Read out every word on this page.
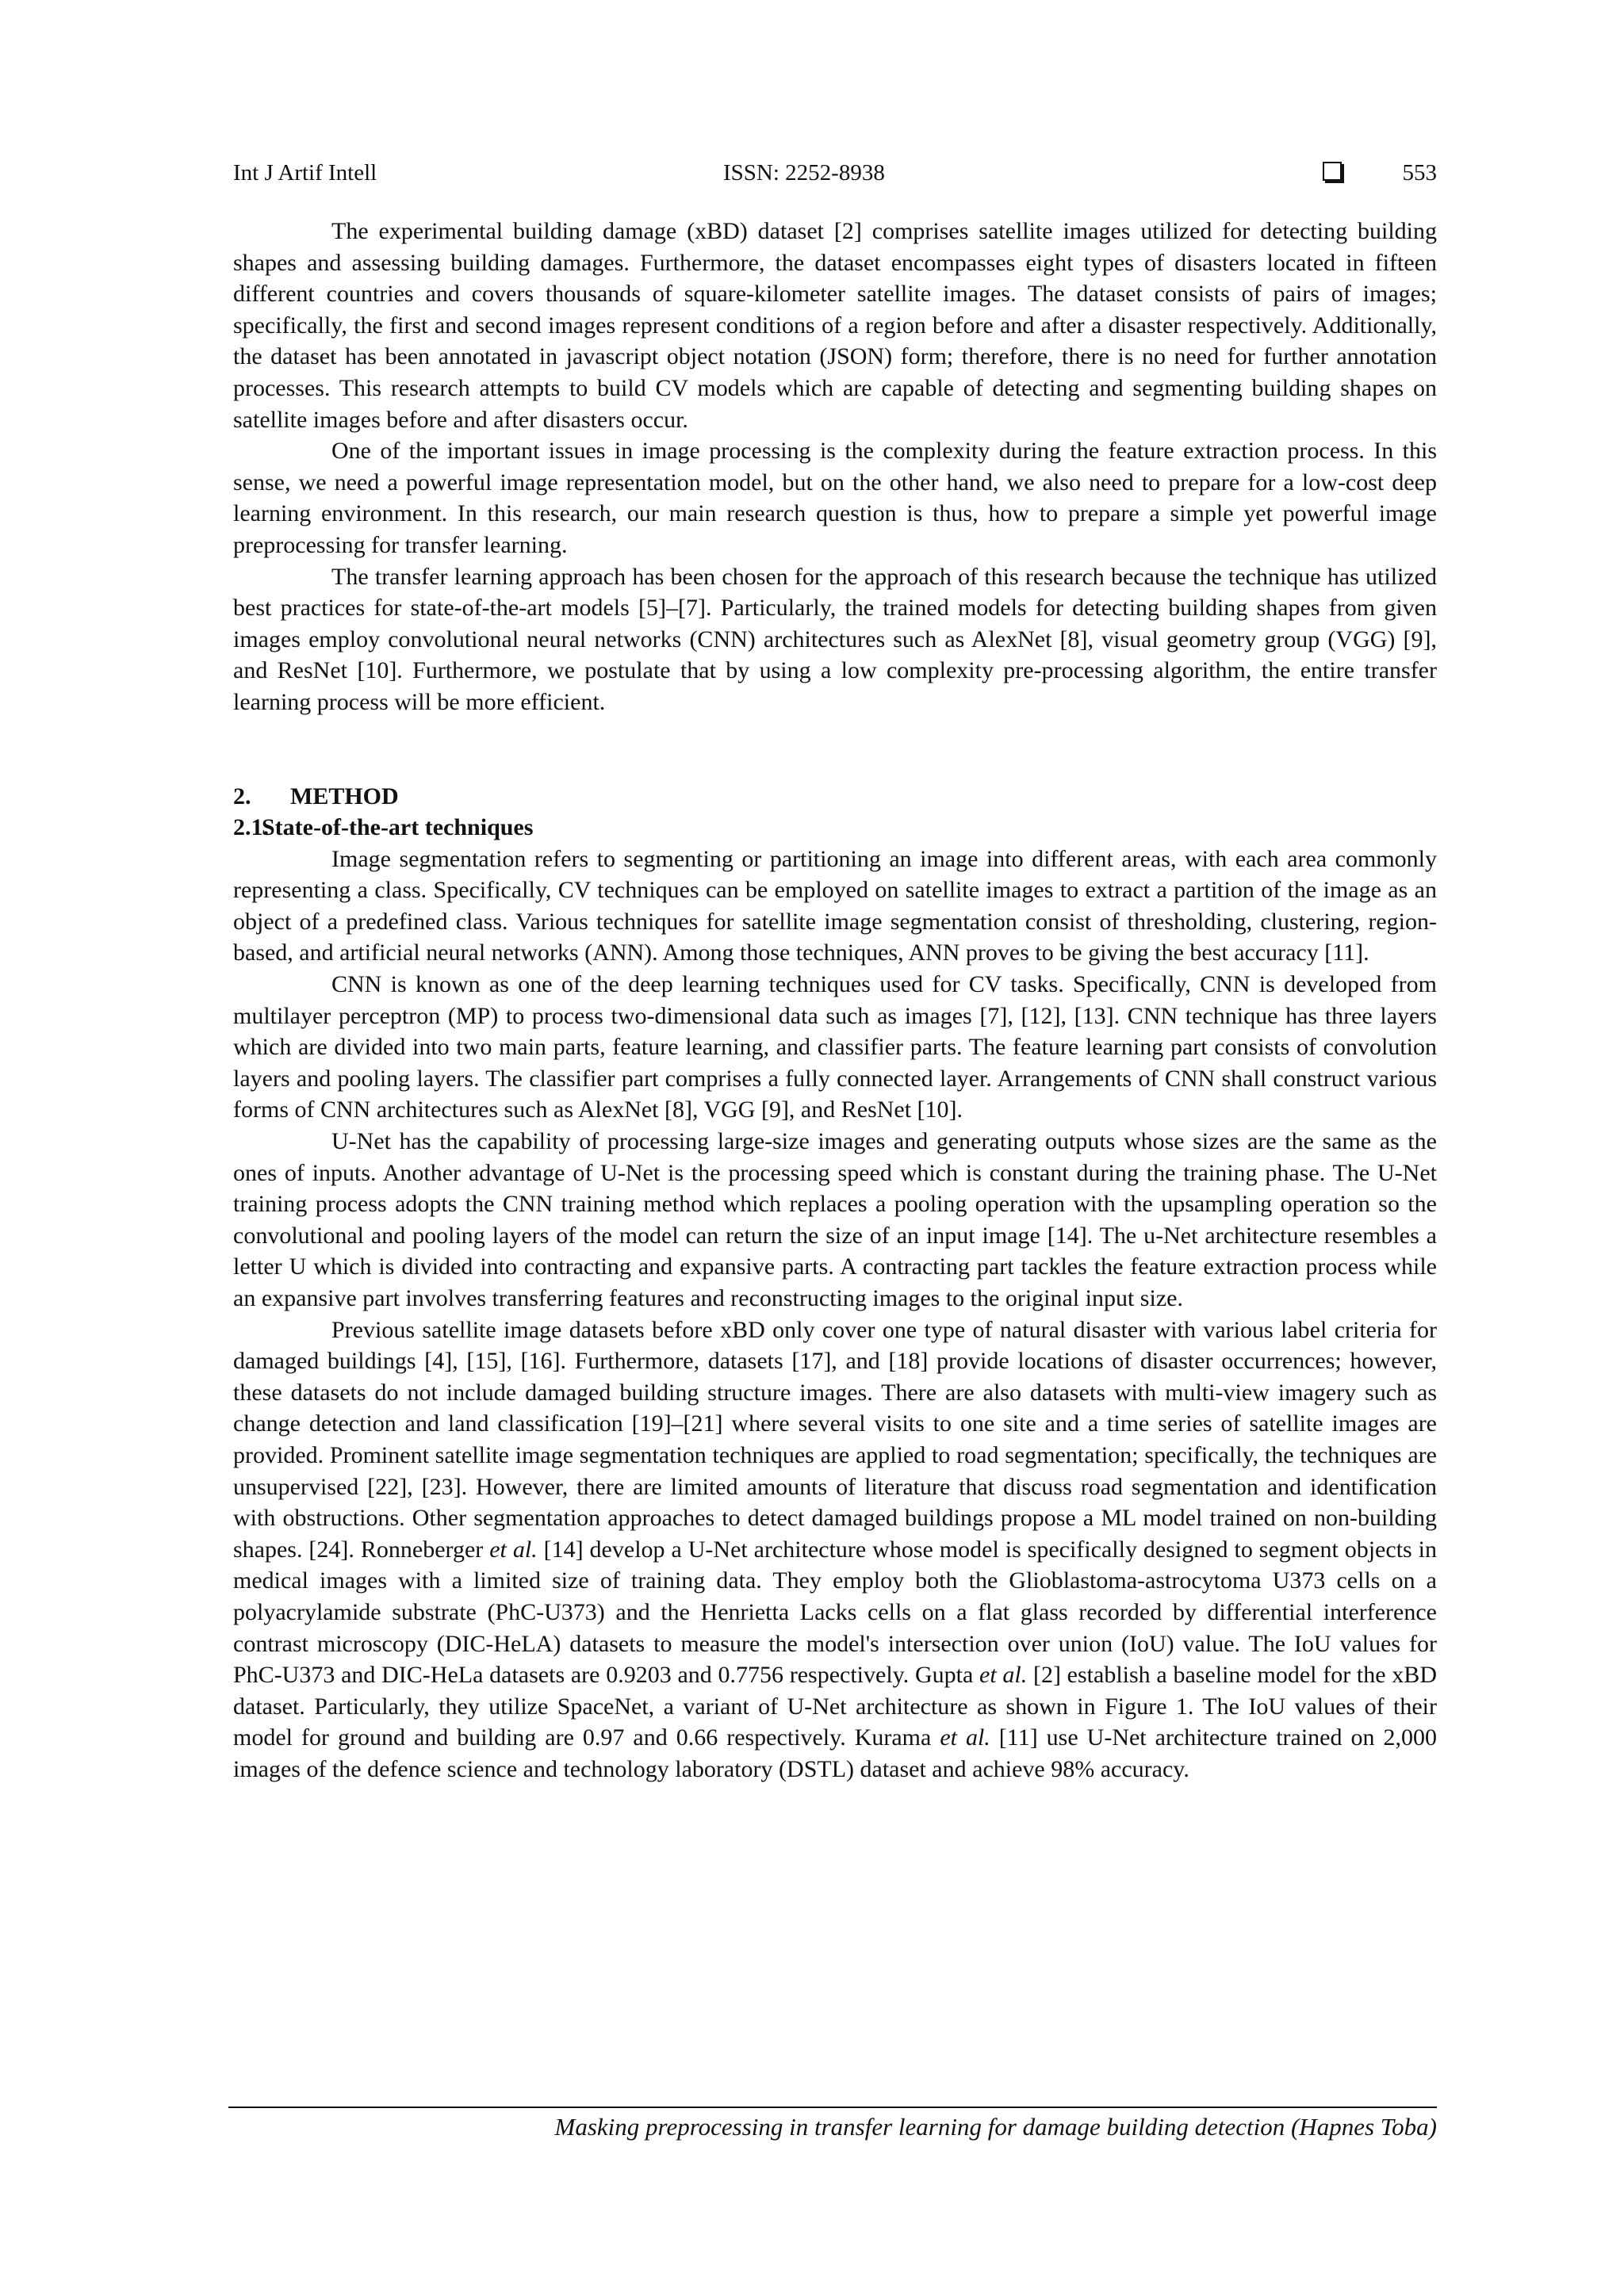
Int J Artif Intell	ISSN: 2252-8938	553

The experimental building damage (xBD) dataset [2] comprises satellite images utilized for detecting building shapes and assessing building damages. Furthermore, the dataset encompasses eight types of disasters located in fifteen different countries and covers thousands of square-kilometer satellite images. The dataset consists of pairs of images; specifically, the first and second images represent conditions of a region before and after a disaster respectively. Additionally, the dataset has been annotated in javascript object notation (JSON) form; therefore, there is no need for further annotation processes. This research attempts to build CV models which are capable of detecting and segmenting building shapes on satellite images before and after disasters occur.

One of the important issues in image processing is the complexity during the feature extraction process. In this sense, we need a powerful image representation model, but on the other hand, we also need to prepare for a low-cost deep learning environment. In this research, our main research question is thus, how to prepare a simple yet powerful image preprocessing for transfer learning.

The transfer learning approach has been chosen for the approach of this research because the technique has utilized best practices for state-of-the-art models [5]–[7]. Particularly, the trained models for detecting building shapes from given images employ convolutional neural networks (CNN) architectures such as AlexNet [8], visual geometry group (VGG) [9], and ResNet [10]. Furthermore, we postulate that by using a low complexity pre-processing algorithm, the entire transfer learning process will be more efficient.

2. METHOD
2.1.State-of-the-art techniques

Image segmentation refers to segmenting or partitioning an image into different areas, with each area commonly representing a class. Specifically, CV techniques can be employed on satellite images to extract a partition of the image as an object of a predefined class. Various techniques for satellite image segmentation consist of thresholding, clustering, region-based, and artificial neural networks (ANN). Among those techniques, ANN proves to be giving the best accuracy [11].

CNN is known as one of the deep learning techniques used for CV tasks. Specifically, CNN is developed from multilayer perceptron (MP) to process two-dimensional data such as images [7], [12], [13]. CNN technique has three layers which are divided into two main parts, feature learning, and classifier parts. The feature learning part consists of convolution layers and pooling layers. The classifier part comprises a fully connected layer. Arrangements of CNN shall construct various forms of CNN architectures such as AlexNet [8], VGG [9], and ResNet [10].

U-Net has the capability of processing large-size images and generating outputs whose sizes are the same as the ones of inputs. Another advantage of U-Net is the processing speed which is constant during the training phase. The U-Net training process adopts the CNN training method which replaces a pooling operation with the upsampling operation so the convolutional and pooling layers of the model can return the size of an input image [14]. The u-Net architecture resembles a letter U which is divided into contracting and expansive parts. A contracting part tackles the feature extraction process while an expansive part involves transferring features and reconstructing images to the original input size.

Previous satellite image datasets before xBD only cover one type of natural disaster with various label criteria for damaged buildings [4], [15], [16]. Furthermore, datasets [17], and [18] provide locations of disaster occurrences; however, these datasets do not include damaged building structure images. There are also datasets with multi-view imagery such as change detection and land classification [19]–[21] where several visits to one site and a time series of satellite images are provided. Prominent satellite image segmentation techniques are applied to road segmentation; specifically, the techniques are unsupervised [22], [23]. However, there are limited amounts of literature that discuss road segmentation and identification with obstructions. Other segmentation approaches to detect damaged buildings propose a ML model trained on non-building shapes. [24]. Ronneberger et al. [14] develop a U-Net architecture whose model is specifically designed to segment objects in medical images with a limited size of training data. They employ both the Glioblastoma-astrocytoma U373 cells on a polyacrylamide substrate (PhC-U373) and the Henrietta Lacks cells on a flat glass recorded by differential interference contrast microscopy (DIC-HeLA) datasets to measure the model's intersection over union (IoU) value. The IoU values for PhC-U373 and DIC-HeLa datasets are 0.9203 and 0.7756 respectively. Gupta et al. [2] establish a baseline model for the xBD dataset. Particularly, they utilize SpaceNet, a variant of U-Net architecture as shown in Figure 1. The IoU values of their model for ground and building are 0.97 and 0.66 respectively. Kurama et al. [11] use U-Net architecture trained on 2,000 images of the defence science and technology laboratory (DSTL) dataset and achieve 98% accuracy.

Masking preprocessing in transfer learning for damage building detection (Hapnes Toba)
